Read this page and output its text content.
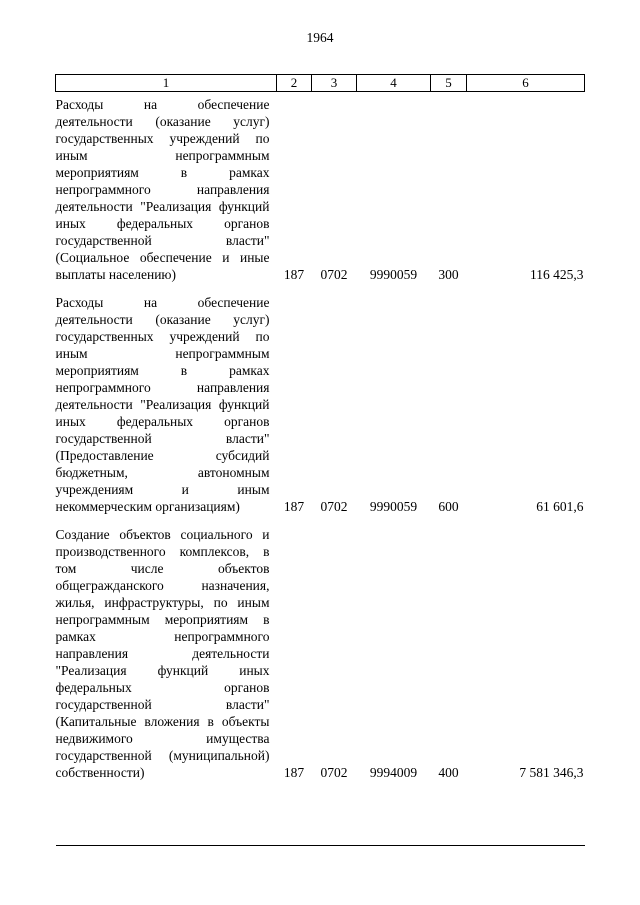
1964
1	2	3	4	5	6
Расходы на обеспечение деятельности (оказание услуг) государственных учреждений по иным непрограммным мероприятиям в рамках непрограммного направления деятельности "Реализация функций иных федеральных органов государственной власти" (Социальное обеспечение и иные выплаты населению)	187	0702	9990059	300	116 425,3
Расходы на обеспечение деятельности (оказание услуг) государственных учреждений по иным непрограммным мероприятиям в рамках непрограммного направления деятельности "Реализация функций иных федеральных органов государственной власти" (Предоставление субсидий бюджетным, автономным учреждениям и иным некоммерческим организациям)	187	0702	9990059	600	61 601,6
Создание объектов социального и производственного комплексов, в том числе объектов общегражданского назначения, жилья, инфраструктуры, по иным непрограммным мероприятиям в рамках непрограммного направления деятельности "Реализация функций иных федеральных органов государственной власти" (Капитальные вложения в объекты недвижимого имущества государственной (муниципальной) собственности)	187	0702	9994009	400	7 581 346,3
